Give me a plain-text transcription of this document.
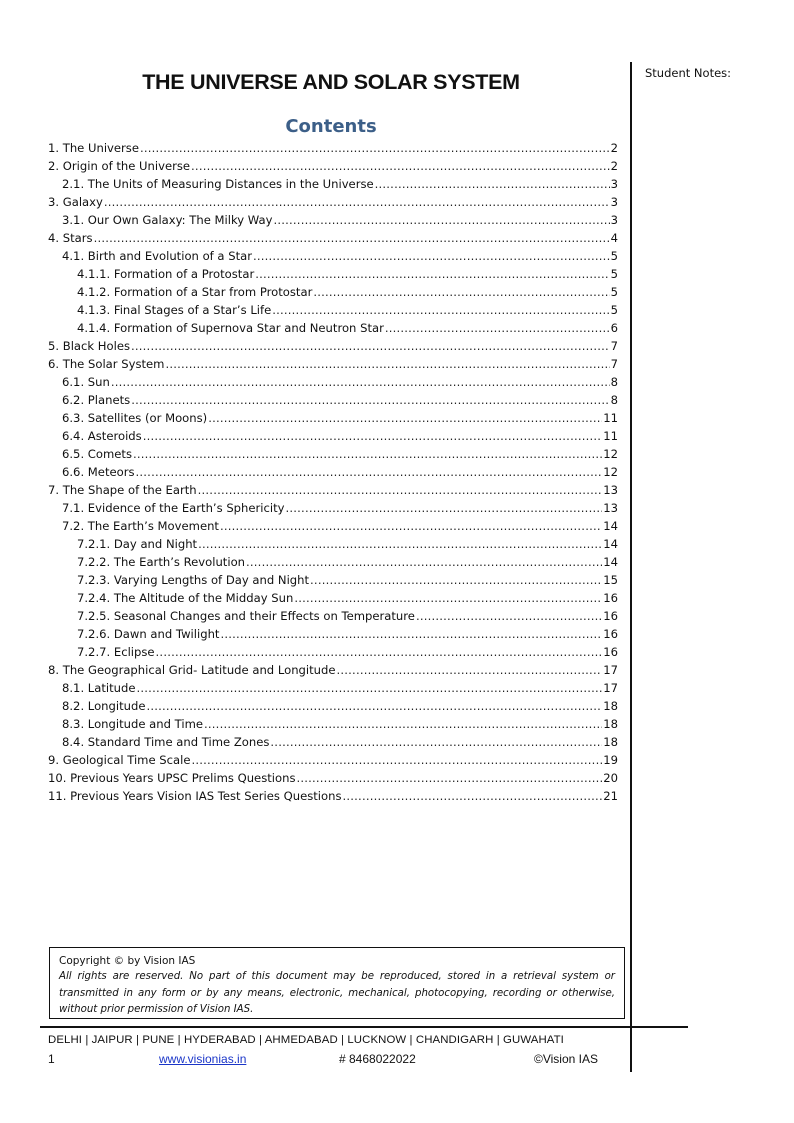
THE UNIVERSE AND SOLAR SYSTEM
Contents
1. The Universe .....	2
2. Origin of the Universe .....	2
2.1. The Units of Measuring Distances in the Universe .....	3
3. Galaxy .....	3
3.1. Our Own Galaxy: The Milky Way .....	3
4. Stars .....	4
4.1. Birth and Evolution of a Star .....	5
4.1.1. Formation of a Protostar .....	5
4.1.2. Formation of a Star from Protostar .....	5
4.1.3. Final Stages of a Star’s Life .....	5
4.1.4. Formation of Supernova Star and Neutron Star .....	6
5. Black Holes .....	7
6. The Solar System .....	7
6.1. Sun .....	8
6.2. Planets .....	8
6.3. Satellites (or Moons) .....	11
6.4. Asteroids .....	11
6.5. Comets .....	12
6.6. Meteors .....	12
7. The Shape of the Earth .....	13
7.1. Evidence of the Earth’s Sphericity .....	13
7.2. The Earth’s Movement .....	14
7.2.1. Day and Night .....	14
7.2.2. The Earth’s Revolution .....	14
7.2.3. Varying Lengths of Day and Night .....	15
7.2.4. The Altitude of the Midday Sun .....	16
7.2.5. Seasonal Changes and their Effects on Temperature .....	16
7.2.6. Dawn and Twilight .....	16
7.2.7. Eclipse .....	16
8. The Geographical Grid- Latitude and Longitude .....	17
8.1. Latitude .....	17
8.2. Longitude .....	18
8.3. Longitude and Time .....	18
8.4. Standard Time and Time Zones .....	18
9. Geological Time Scale .....	19
10. Previous Years UPSC Prelims Questions .....	20
11. Previous Years Vision IAS Test Series Questions .....	21
Student Notes:
Copyright © by Vision IAS
All rights are reserved. No part of this document may be reproduced, stored in a retrieval system or transmitted in any form or by any means, electronic, mechanical, photocopying, recording or otherwise, without prior permission of Vision IAS.
DELHI | JAIPUR | PUNE | HYDERABAD | AHMEDABAD | LUCKNOW | CHANDIGARH | GUWAHATI
1	www.visionias.in	# 8468022022	©Vision IAS
